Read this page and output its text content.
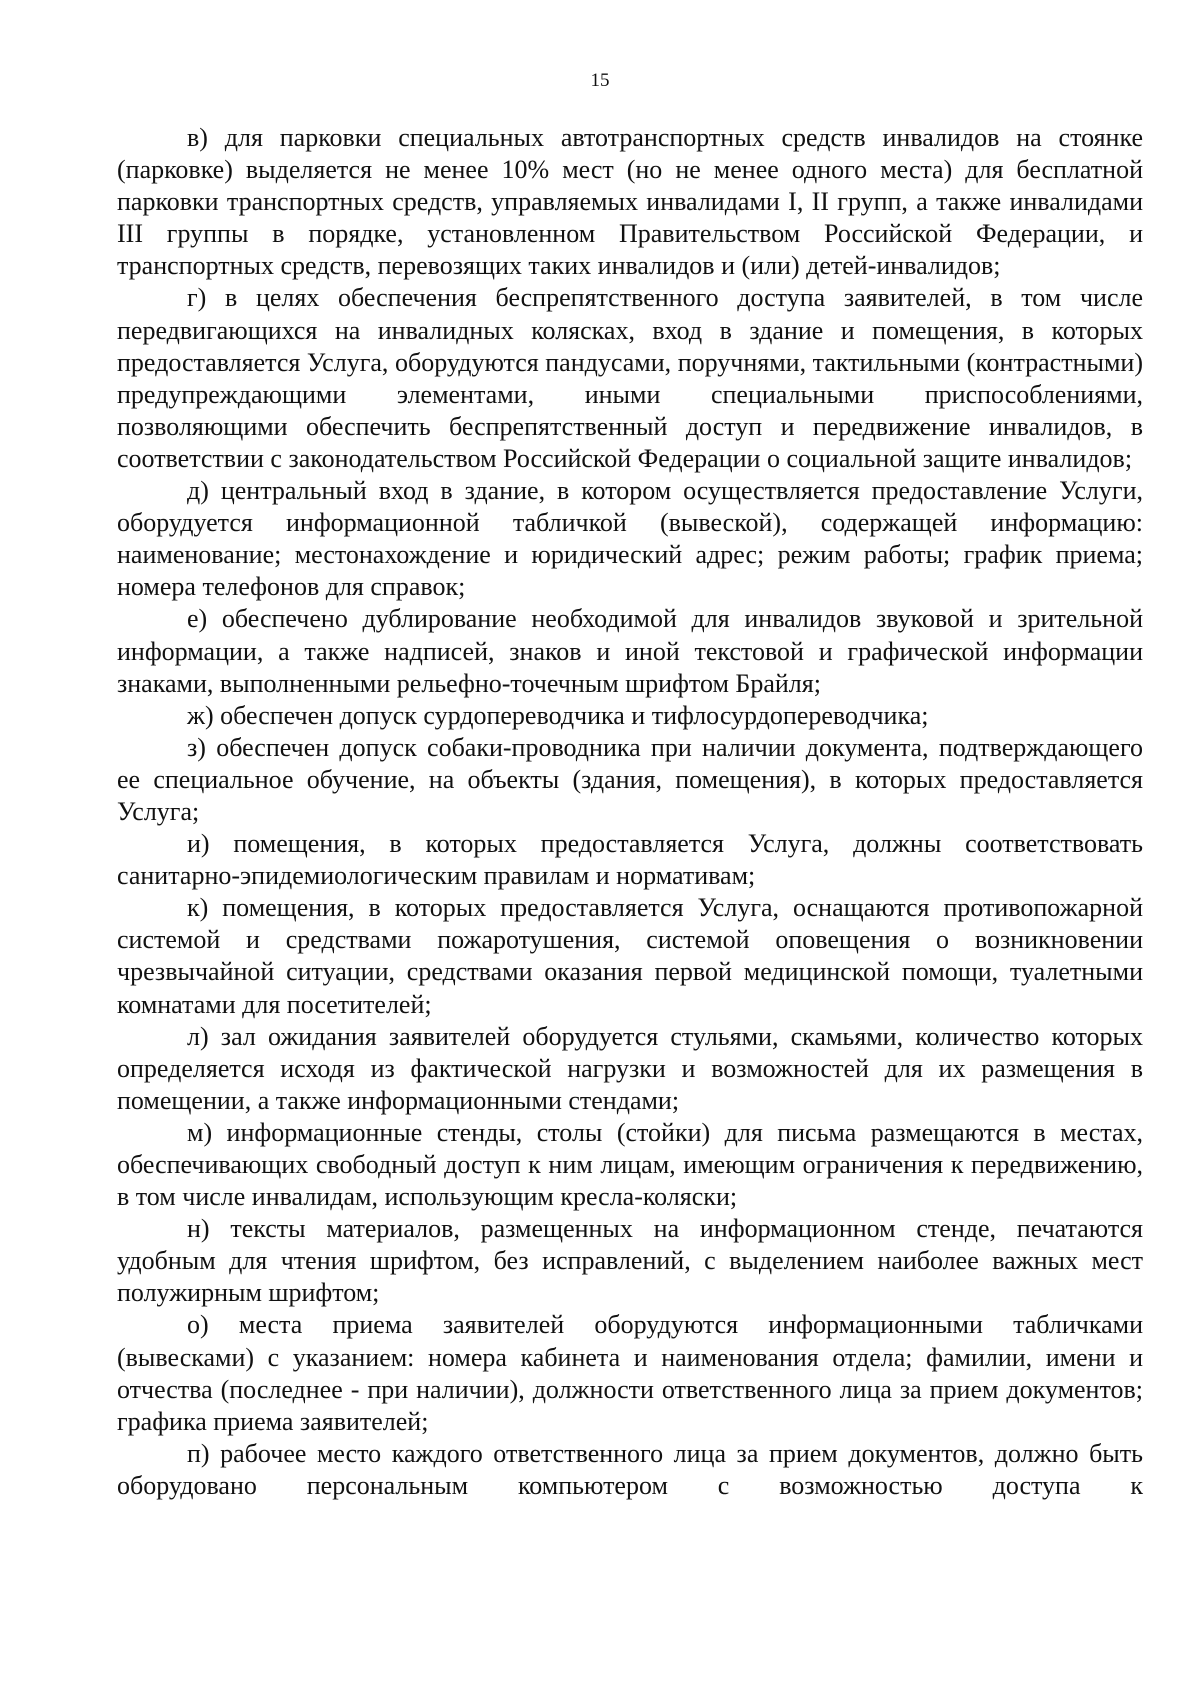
15

в) для парковки специальных автотранспортных средств инвалидов на стоянке (парковке) выделяется не менее 10% мест (но не менее одного места) для бесплатной парковки транспортных средств, управляемых инвалидами I, II групп, а также инвалидами III группы в порядке, установленном Правительством Российской Федерации, и транспортных средств, перевозящих таких инвалидов и (или) детей-инвалидов;

г) в целях обеспечения беспрепятственного доступа заявителей, в том числе передвигающихся на инвалидных колясках, вход в здание и помещения, в которых предоставляется Услуга, оборудуются пандусами, поручнями, тактильными (контрастными) предупреждающими элементами, иными специальными приспособлениями, позволяющими обеспечить беспрепятственный доступ и передвижение инвалидов, в соответствии с законодательством Российской Федерации о социальной защите инвалидов;

д) центральный вход в здание, в котором осуществляется предоставление Услуги, оборудуется информационной табличкой (вывеской), содержащей информацию: наименование; местонахождение и юридический адрес; режим работы; график приема; номера телефонов для справок;

е) обеспечено дублирование необходимой для инвалидов звуковой и зрительной информации, а также надписей, знаков и иной текстовой и графической информации знаками, выполненными рельефно-точечным шрифтом Брайля;

ж) обеспечен допуск сурдопереводчика и тифлосурдопереводчика;

з) обеспечен допуск собаки-проводника при наличии документа, подтверждающего ее специальное обучение, на объекты (здания, помещения), в которых предоставляется Услуга;

и) помещения, в которых предоставляется Услуга, должны соответствовать санитарно-эпидемиологическим правилам и нормативам;

к) помещения, в которых предоставляется Услуга, оснащаются противопожарной системой и средствами пожаротушения, системой оповещения о возникновении чрезвычайной ситуации, средствами оказания первой медицинской помощи, туалетными комнатами для посетителей;

л) зал ожидания заявителей оборудуется стульями, скамьями, количество которых определяется исходя из фактической нагрузки и возможностей для их размещения в помещении, а также информационными стендами;

м) информационные стенды, столы (стойки) для письма размещаются в местах, обеспечивающих свободный доступ к ним лицам, имеющим ограничения к передвижению, в том числе инвалидам, использующим кресла-коляски;

н) тексты материалов, размещенных на информационном стенде, печатаются удобным для чтения шрифтом, без исправлений, с выделением наиболее важных мест полужирным шрифтом;

о) места приема заявителей оборудуются информационными табличками (вывесками) с указанием: номера кабинета и наименования отдела; фамилии, имени и отчества (последнее - при наличии), должности ответственного лица за прием документов; графика приема заявителей;

п) рабочее место каждого ответственного лица за прием документов, должно быть оборудовано персональным компьютером с возможностью доступа к
